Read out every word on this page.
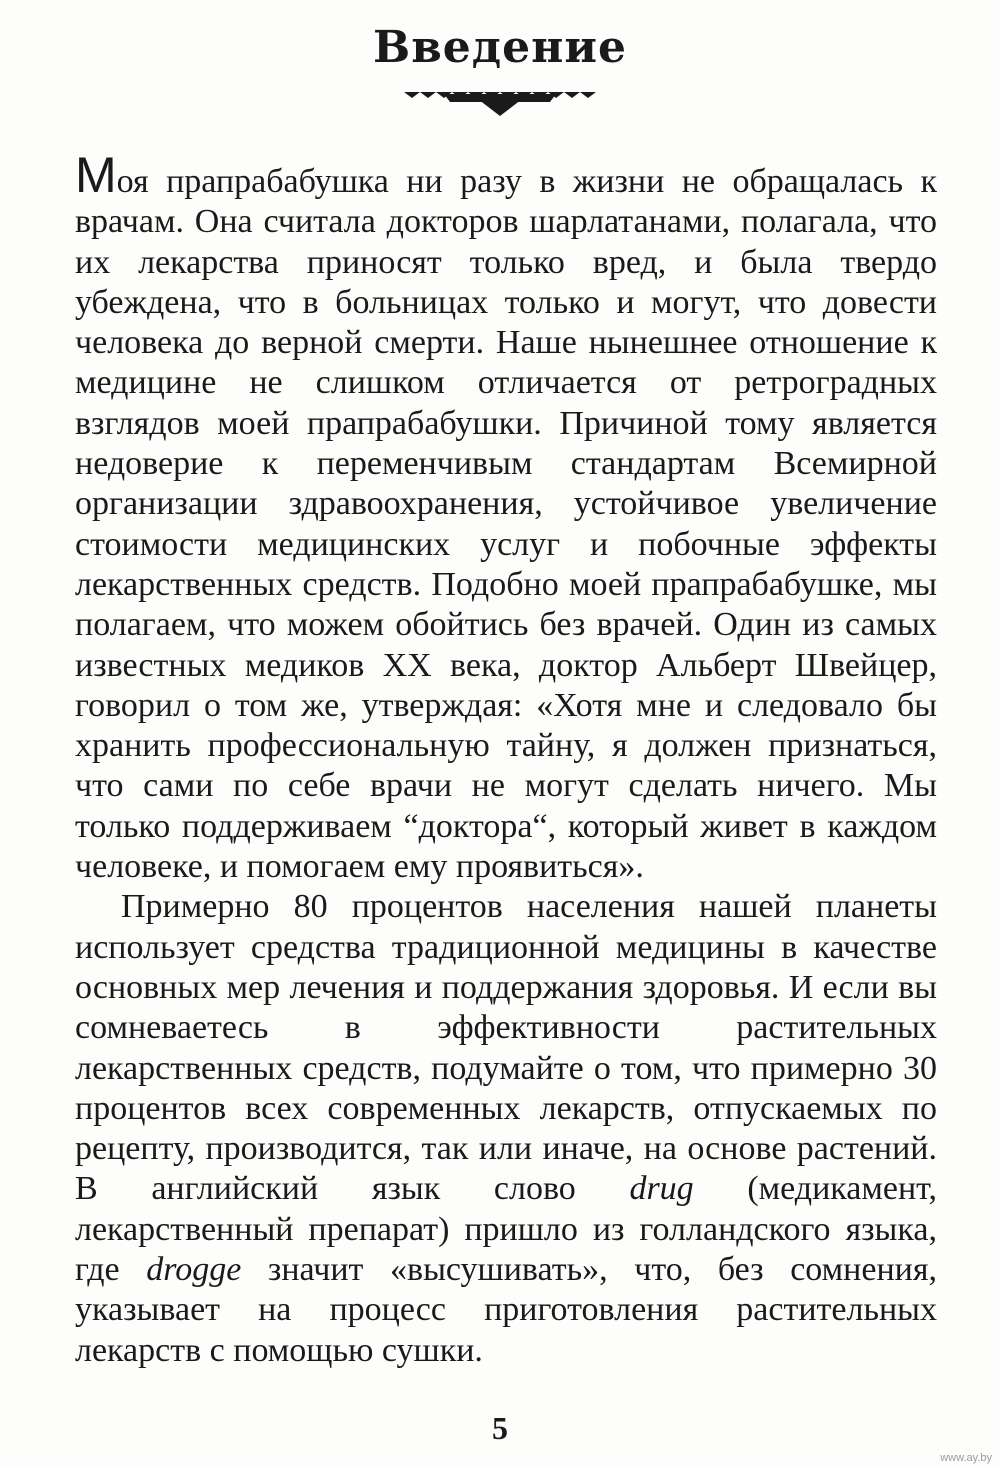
Введение

Моя прапрабабушка ни разу в жизни не обращалась к врачам. Она считала докторов шарлатанами, полагала, что их лекарства приносят только вред, и была твердо убеждена, что в больницах только и могут, что довести человека до верной смерти. Наше нынешнее отношение к медицине не слишком отличается от ретроградных взглядов моей прапрабабушки. Причиной тому является недоверие к переменчивым стандартам Всемирной организации здравоохранения, устойчивое увеличение стоимости медицинских услуг и побочные эффекты лекарственных средств. Подобно моей прапрабабушке, мы полагаем, что можем обойтись без врачей. Один из самых известных медиков XX века, доктор Альберт Швейцер, говорил о том же, утверждая: «Хотя мне и следовало бы хранить профессиональную тайну, я должен признаться, что сами по себе врачи не могут сделать ничего. Мы только поддерживаем “доктора“, который живет в каждом человеке, и помогаем ему проявиться».

Примерно 80 процентов населения нашей планеты использует средства традиционной медицины в качестве основных мер лечения и поддержания здоровья. И если вы сомневаетесь в эффективности растительных лекарственных средств, подумайте о том, что примерно 30 процентов всех современных лекарств, отпускаемых по рецепту, производится, так или иначе, на основе растений. В английский язык слово drug (медикамент, лекарственный препарат) пришло из голландского языка, где drogge значит «высушивать», что, без сомнения, указывает на процесс приготовления растительных лекарств с помощью сушки.

5
www.ay.by
